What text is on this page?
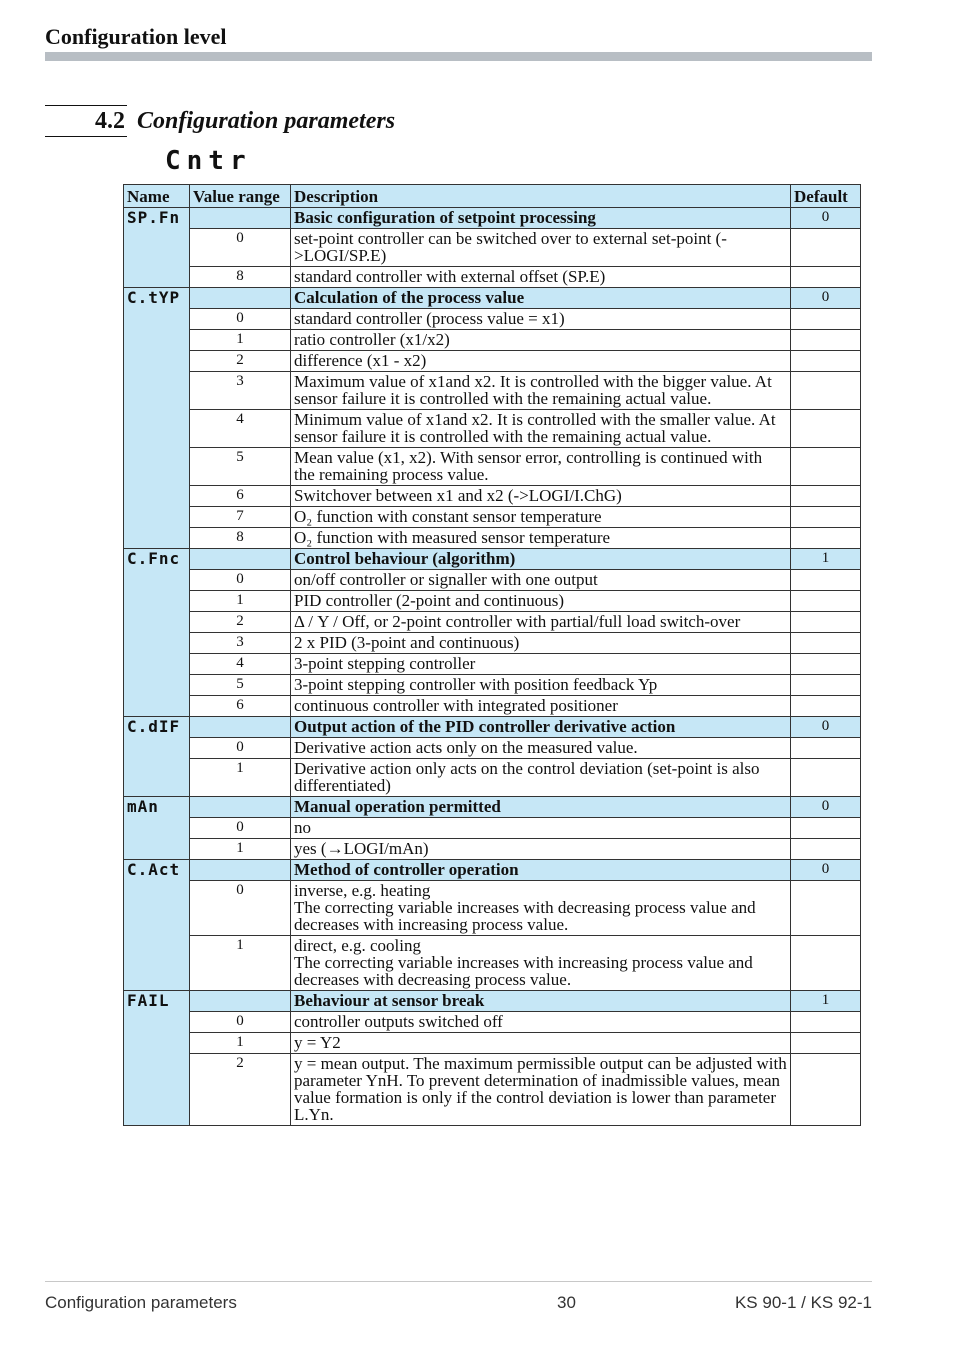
Configuration level
4.2 Configuration parameters
Cntr
Name	Value range	Description	Default
SP.Fn		Basic configuration of setpoint processing	0
	0	set-point controller can be switched over to external set-point (->LOGI/SP.E)	
	8	standard controller with external offset (SP.E)	
C.tYP		Calculation of the process value	0
	0	standard controller (process value = x1)	
	1	ratio controller (x1/x2)	
	2	difference (x1 - x2)	
	3	Maximum value of x1and x2. It is controlled with the bigger value. At sensor failure it is controlled with the remaining actual value.	
	4	Minimum value of x1and x2. It is controlled with the smaller value. At sensor failure it is controlled with the remaining actual value.	
	5	Mean value (x1, x2). With sensor error, controlling is continued with the remaining process value.	
	6	Switchover between x1 and x2 (->LOGI/I.ChG)	
	7	O₂ function with constant sensor temperature	
	8	O₂ function with measured sensor temperature	
C.Fnc		Control behaviour (algorithm)	1
	0	on/off controller or signaller with one output	
	1	PID controller (2-point and continuous)	
	2	Δ / Y / Off, or 2-point controller with partial/full load switch-over	
	3	2 x PID (3-point and continuous)	
	4	3-point stepping controller	
	5	3-point stepping controller with position feedback Yp	
	6	continuous controller with integrated positioner	
C.dIF		Output action of the PID controller derivative action	0
	0	Derivative action acts only on the measured value.	
	1	Derivative action only acts on the control deviation (set-point is also differentiated)	
mAn		Manual operation permitted	0
	0	no	
	1	yes (→LOGI/mAn)	
C.Act		Method of controller operation	0
	0	inverse, e.g. heating
The correcting variable increases with decreasing process value and decreases with increasing process value.	
	1	direct, e.g. cooling
The correcting variable increases with increasing process value and decreases with decreasing process value.	
FAIL		Behaviour at sensor break	1
	0	controller outputs switched off	
	1	y = Y2	
	2	y = mean output. The maximum permissible output can be adjusted with parameter YnH. To prevent determination of inadmissible values, mean value formation is only if the control deviation is lower than parameter L.Yn.	
Configuration parameters	30	KS 90-1 / KS 92-1
